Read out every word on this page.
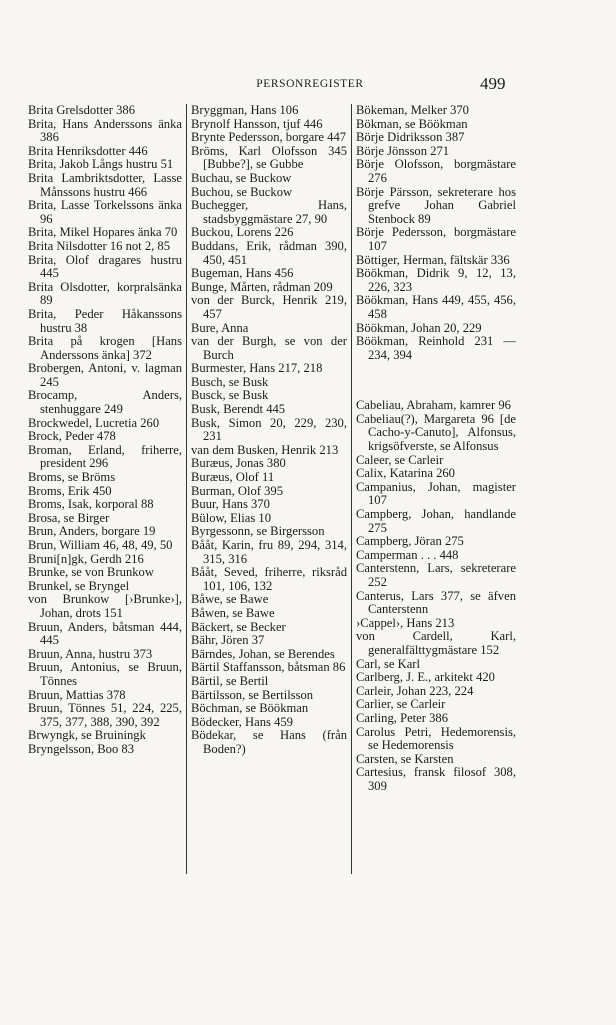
PERSONREGISTER	499
Brita Grelsdotter 386
Brita, Hans Anderssons änka 386
Brita Henriksdotter 446
Brita, Jakob Långs hustru 51
Brita Lambriktsdotter, Lasse Månssons hustru 466
Brita, Lasse Torkelssons änka 96
Brita, Mikel Hopares änka 70
Brita Nilsdotter 16 not 2, 85
Brita, Olof dragares hustru 445
Brita Olsdotter, korpralsänka 89
Brita, Peder Håkanssons hustru 38
Brita på krogen [Hans Anderssons änka] 372
Brobergen, Antoni, v. lagman 245
Brocamp, Anders, stenhuggare 249
Brockwedel, Lucretia 260
Brock, Peder 478
Broman, Erland, friherre, president 296
Broms, se Bröms
Broms, Erik 450
Broms, Isak, korporal 88
Brosa, se Birger
Brun, Anders, borgare 19
Brun, William 46, 48, 49, 50
Bruni[n]gk, Gerdh 216
Brunke, se von Brunkow
Brunkel, se Bryngel
von Brunkow [›Brunke›], Johan, drots 151
Bruun, Anders, båtsman 444, 445
Bruun, Anna, hustru 373
Bruun, Antonius, se Bruun, Tönnes
Bruun, Mattias 378
Bruun, Tönnes 51, 224, 225, 375, 377, 388, 390, 392
Brwyngk, se Bruiningk
Bryngelsson, Boo 83
Bryggman, Hans 106
Brynolf Hansson, tjuf 446
Brynte Pedersson, borgare 447
Bröms, Karl Olofsson 345 [Bubbe?], se Gubbe
Buchau, se Buckow
Buchou, se Buckow
Buchegger, Hans, stadsbyggmästare 27, 90
Buckou, Lorens 226
Buddans, Erik, rådman 390, 450, 451
Bugeman, Hans 456
Bunge, Mårten, rådman 209
von der Burck, Henrik 219, 457
Bure, Anna
van der Burgh, se von der Burch
Burmester, Hans 217, 218
Busch, se Busk
Busck, se Busk
Busk, Berendt 445
Busk, Simon 20, 229, 230, 231
van dem Busken, Henrik 213
Buræus, Jonas 380
Buræus, Olof 11
Burman, Olof 395
Buur, Hans 370
Bülow, Elias 10
Byrgessonn, se Birgersson
Bååt, Karin, fru 89, 294, 314, 315, 316
Bååt, Seved, friherre, riksråd 101, 106, 132
Båwe, se Bawe
Båwen, se Bawe
Bäckert, se Becker
Bähr, Jören 37
Bärndes, Johan, se Berendes
Bärtil Staffansson, båtsman 86
Bärtil, se Bertil
Bärtilsson, se Bertilsson
Böchman, se Böökman
Bödecker, Hans 459
Bödekar, se Hans (från Boden?)
Bökeman, Melker 370
Bökman, se Böökman
Börje Didriksson 387
Börje Jönsson 271
Börje Olofsson, borgmästare 276
Börje Pärsson, sekreterare hos grefve Johan Gabriel Stenbock 89
Börje Pedersson, borgmästare 107
Böttiger, Herman, fältskär 336
Böökman, Didrik 9, 12, 13, 226, 323
Böökman, Hans 449, 455, 456, 458
Böökman, Johan 20, 229
Böökman, Reinhold 231 —234, 394
Cabeliau, Abraham, kamrer 96
Cabeliau(?), Margareta 96 [de Cacho-y-Canuto], Alfonsus, krigsöfverste, se Alfonsus
Caleer, se Carleir
Calix, Katarina 260
Campanius, Johan, magister 107
Campberg, Johan, handlande 275
Campberg, Jöran 275
Camperman . . . 448
Canterstenn, Lars, sekreterare 252
Canterus, Lars 377, se äfven Canterstenn
›Cappel›, Hans 213
von Cardell, Karl, generalfälttygmästare 152
Carl, se Karl
Carlberg, J. E., arkitekt 420
Carleir, Johan 223, 224
Carlier, se Carleir
Carling, Peter 386
Carolus Petri, Hedemorensis, se Hedemorensis
Carsten, se Karsten
Cartesius, fransk filosof 308, 309
